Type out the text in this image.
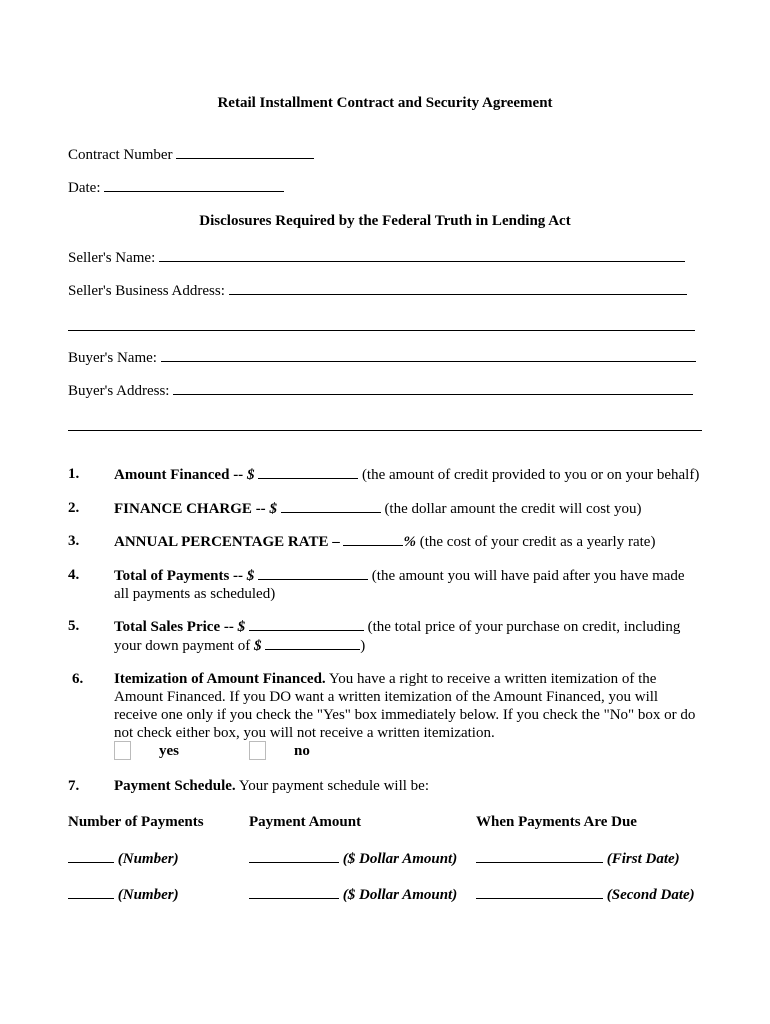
Retail Installment Contract and Security Agreement
Contract Number
Date:
Disclosures Required by the Federal Truth in Lending Act
Seller's Name:
Seller's Business Address:
Buyer's Name:
Buyer's Address:
1. Amount Financed -- $	(the amount of credit provided to you or on your behalf)
2. FINANCE CHARGE -- $	(the dollar amount the credit will cost you)
3. ANNUAL PERCENTAGE RATE –	% (the cost of your credit as a yearly rate)
4. Total of Payments -- $	(the amount you will have paid after you have made
all payments as scheduled)
5. Total Sales Price -- $	(the total price of your purchase on credit, including
your down payment of $	)
6. Itemization of Amount Financed. You have a right to receive a written itemization of the
Amount Financed. If you DO want a written itemization of the Amount Financed, you will
receive one only if you check the "Yes" box immediately below. If you check the "No" box or do
not check either box, you will not receive a written itemization.
yes	no
7. Payment Schedule. Your payment schedule will be:
Number of Payments	Payment Amount	When Payments Are Due
(Number)	($ Dollar Amount)	(First Date)
(Number)	($ Dollar Amount)	(Second Date)
